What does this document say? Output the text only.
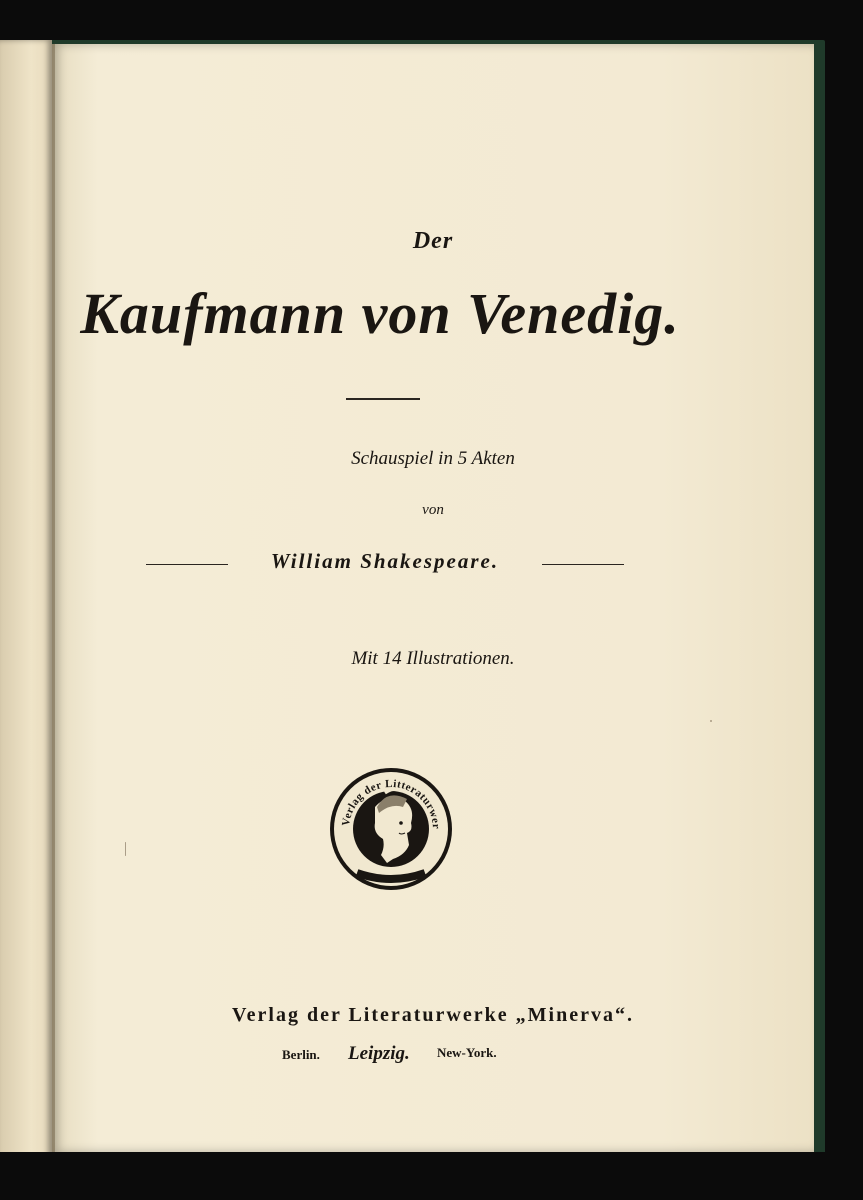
Der
Kaufmann von Venedig.
Schauspiel in 5 Akten
von
William Shakespeare.
Mit 14 Illustrationen.
Verlag der Litteraturwer
Verlag der Literaturwerke „Minerva“.
Berlin. Leipzig. New-York.
